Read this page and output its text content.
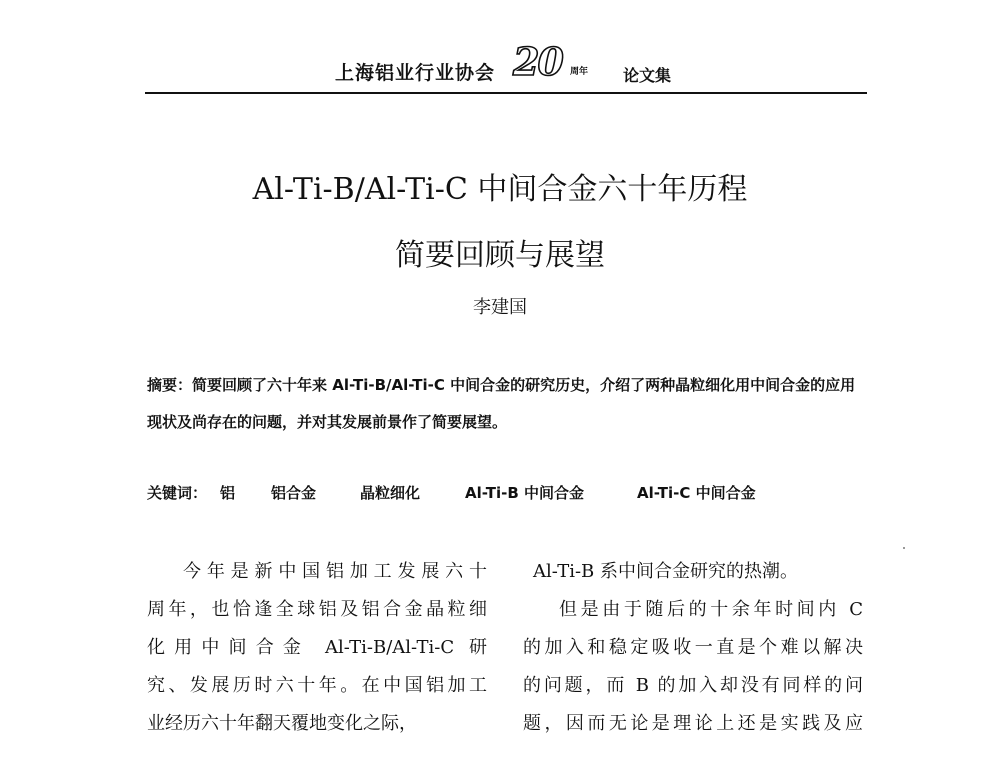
上海铝业行业协会 20 周年 论文集
Al-Ti-B/Al-Ti-C 中间合金六十年历程
简要回顾与展望
李建国
摘要：简要回顾了六十年来 Al-Ti-B/Al-Ti-C 中间合金的研究历史，介绍了两种晶粒细化用中间合金的应用现状及尚存在的问题，并对其发展前景作了简要展望。
关键词： 铝 铝合金	晶粒细化	Al-Ti-B 中间合金	Al-Ti-C 中间合金
今年是新中国铝加工发展六十
周年，也恰逢全球铝及铝合金晶粒细
化用中间合金 Al-Ti-B/Al-Ti-C 研
究、发展历时六十年。在中国铝加工
业经历六十年翻天覆地变化之际，
Al-Ti-B 系中间合金研究的热潮。
但是由于随后的十余年时间内 C
的加入和稳定吸收一直是个难以解决
的问题，而 B 的加入却没有同样的问
题，因而无论是理论上还是实践及应
